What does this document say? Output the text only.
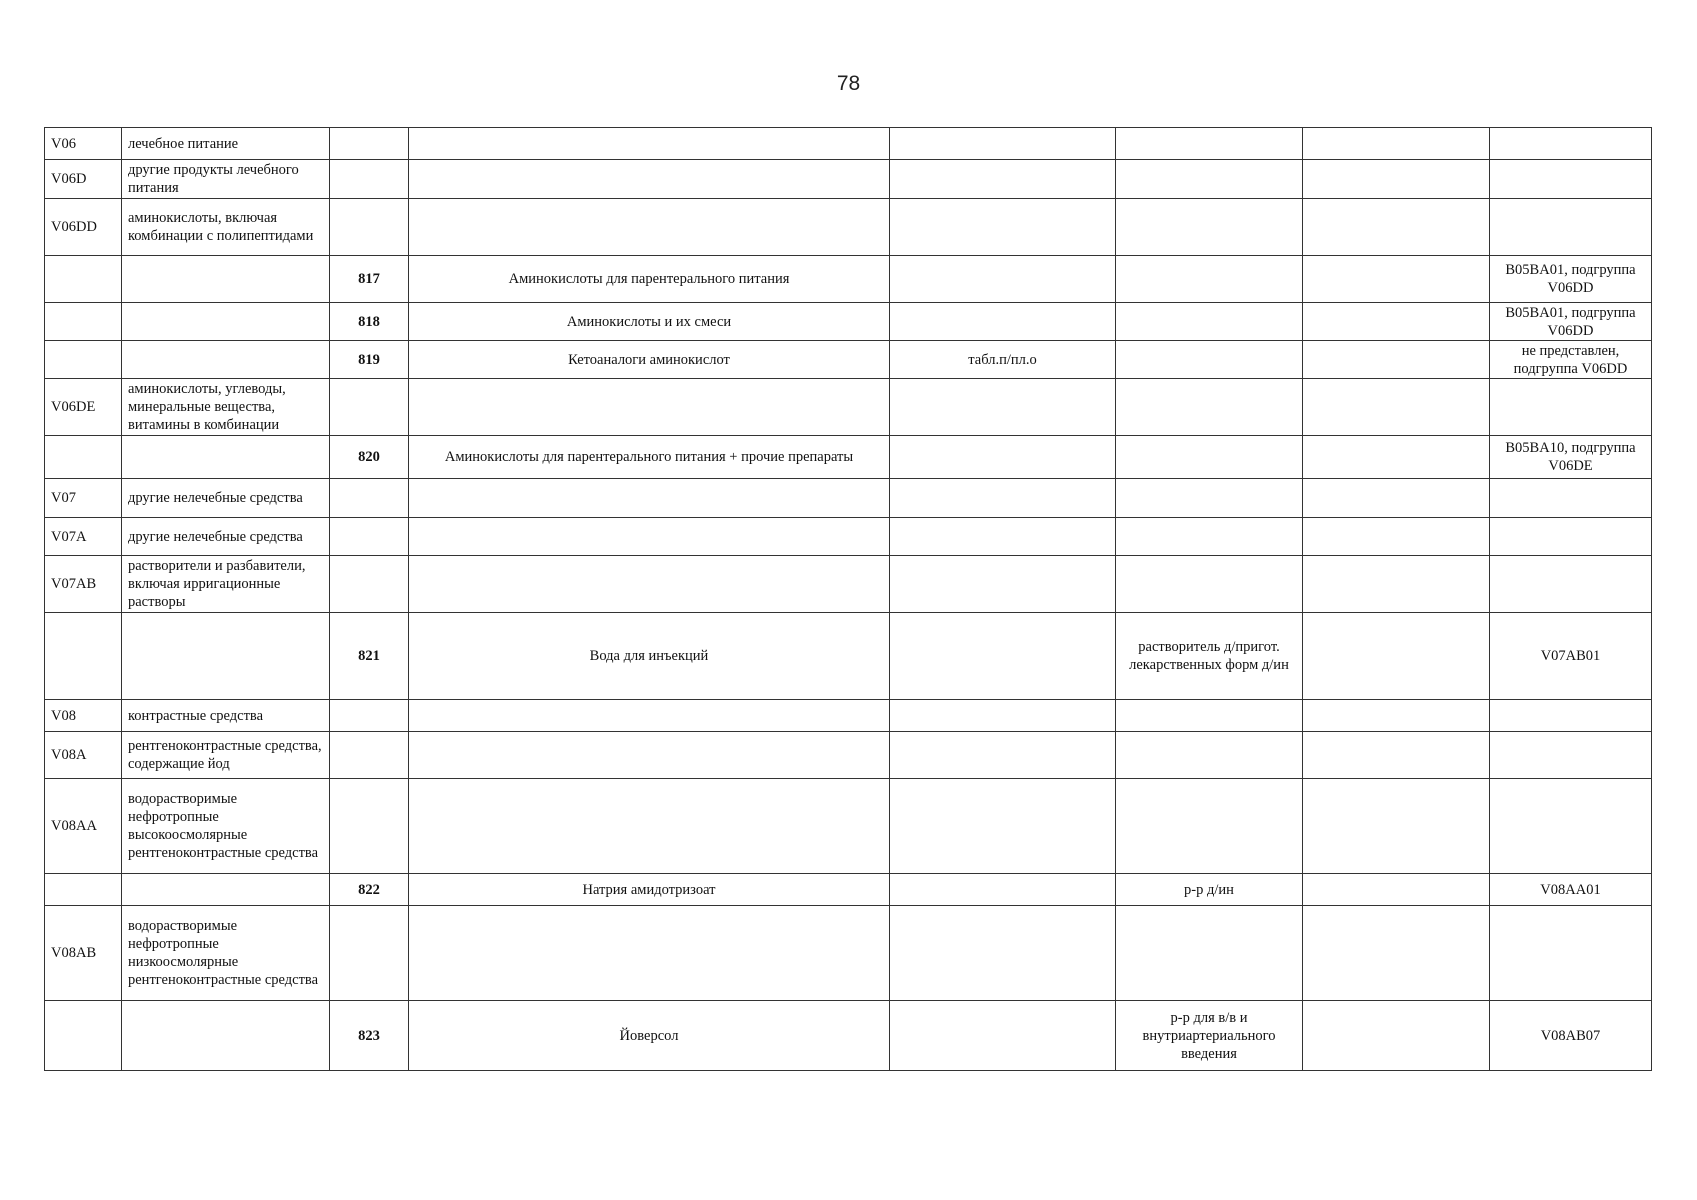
78
V06	лечебное питание						
V06D	другие продукты лечебного питания						
V06DD	аминокислоты, включая комбинации с полипептидами						
		817	Аминокислоты для парентерального питания				B05BA01, подгруппа V06DD
		818	Аминокислоты и их смеси				B05BA01, подгруппа V06DD
		819	Кетоаналоги аминокислот	табл.п/пл.о			не представлен, подгруппа V06DD
V06DE	аминокислоты, углеводы, минеральные вещества, витамины в комбинации						
		820	Аминокислоты для парентерального питания + прочие препараты				B05BA10, подгруппа V06DE
V07	другие нелечебные средства						
V07A	другие нелечебные средства						
V07AB	растворители и разбавители, включая ирригационные растворы						
		821	Вода для инъекций		растворитель д/пригот. лекарственных форм д/ин		V07AB01
V08	контрастные средства						
V08A	рентгеноконтрастные средства, содержащие йод						
V08AA	водорастворимые нефротропные высокоосмолярные рентгеноконтрастные средства						
		822	Натрия амидотризоат		р-р д/ин		V08AA01
V08AB	водорастворимые нефротропные низкоосмолярные рентгеноконтрастные средства						
		823	Йоверсол		р-р для в/в и внутриартериального введения		V08AB07
